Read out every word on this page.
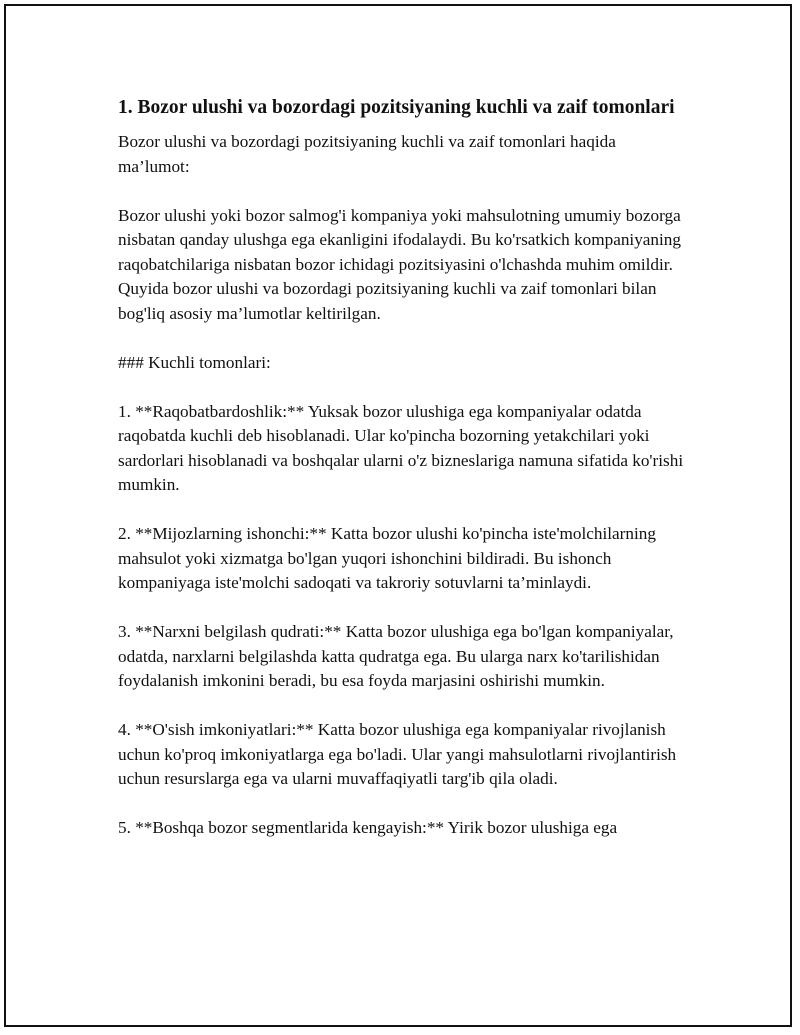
1. Bozor ulushi va bozordagi pozitsiyaning kuchli va zaif tomonlari

Bozor ulushi va bozordagi pozitsiyaning kuchli va zaif tomonlari haqida ma’lumot:

Bozor ulushi yoki bozor salmog'i kompaniya yoki mahsulotning umumiy bozorga nisbatan qanday ulushga ega ekanligini ifodalaydi. Bu ko'rsatkich kompaniyaning raqobatchilariga nisbatan bozor ichidagi pozitsiyasini o'lchashda muhim omildir. Quyida bozor ulushi va bozordagi pozitsiyaning kuchli va zaif tomonlari bilan bog'liq asosiy ma’lumotlar keltirilgan.

### Kuchli tomonlari:

1. **Raqobatbardoshlik:** Yuksak bozor ulushiga ega kompaniyalar odatda raqobatda kuchli deb hisoblanadi. Ular ko'pincha bozorning yetakchilari yoki sardorlari hisoblanadi va boshqalar ularni o'z bizneslariga namuna sifatida ko'rishi mumkin.

2. **Mijozlarning ishonchi:** Katta bozor ulushi ko'pincha iste'molchilarning mahsulot yoki xizmatga bo'lgan yuqori ishonchini bildiradi. Bu ishonch kompaniyaga iste'molchi sadoqati va takroriy sotuvlarni ta’minlaydi.

3. **Narxni belgilash qudrati:** Katta bozor ulushiga ega bo'lgan kompaniyalar, odatda, narxlarni belgilashda katta qudratga ega. Bu ularga narx ko'tarilishidan foydalanish imkonini beradi, bu esa foyda marjasini oshirishi mumkin.

4. **O'sish imkoniyatlari:** Katta bozor ulushiga ega kompaniyalar rivojlanish uchun ko'proq imkoniyatlarga ega bo'ladi. Ular yangi mahsulotlarni rivojlantirish uchun resurslarga ega va ularni muvaffaqiyatli targ'ib qila oladi.

5. **Boshqa bozor segmentlarida kengayish:** Yirik bozor ulushiga ega
